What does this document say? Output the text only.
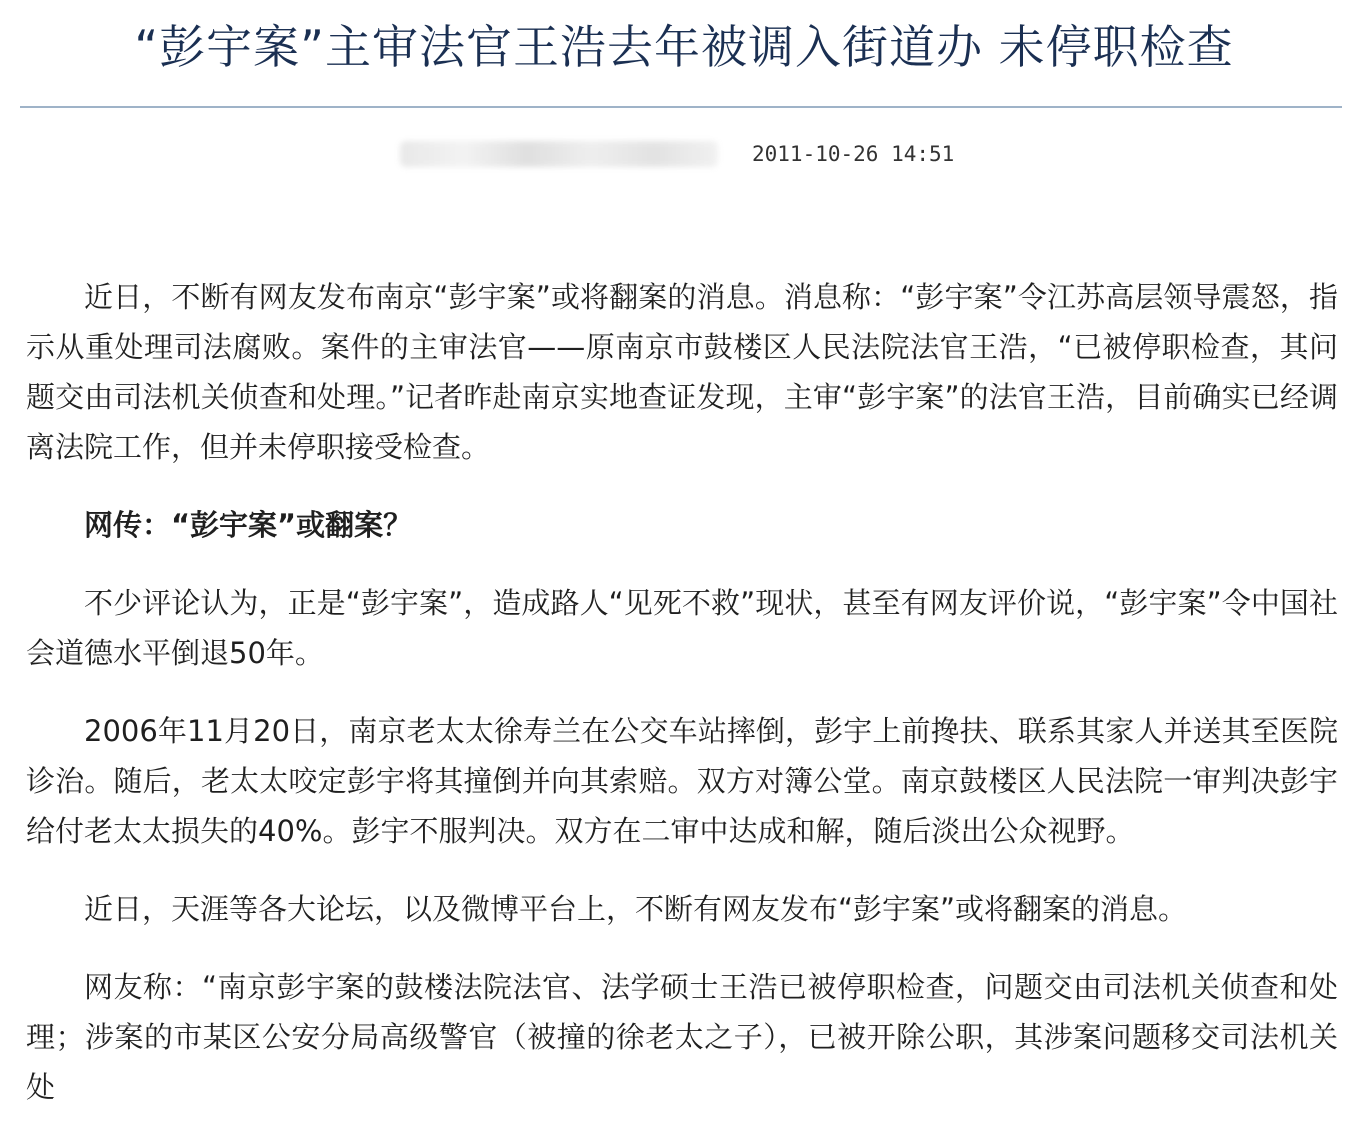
“彭宇案”主审法官王浩去年被调入街道办 未停职检查
2011-10-26 14:51

近日，不断有网友发布南京“彭宇案”或将翻案的消息。消息称：“彭宇案”令江苏高层领导震怒，指示从重处理司法腐败。案件的主审法官——原南京市鼓楼区人民法院法官王浩，“已被停职检查，其问题交由司法机关侦查和处理。”记者昨赴南京实地查证发现，主审“彭宇案”的法官王浩，目前确实已经调离法院工作，但并未停职接受检查。

网传：“彭宇案”或翻案？

不少评论认为，正是“彭宇案”，造成路人“见死不救”现状，甚至有网友评价说，“彭宇案”令中国社会道德水平倒退50年。

2006年11月20日，南京老太太徐寿兰在公交车站摔倒，彭宇上前搀扶、联系其家人并送其至医院诊治。随后，老太太咬定彭宇将其撞倒并向其索赔。双方对簿公堂。南京鼓楼区人民法院一审判决彭宇给付老太太损失的40%。彭宇不服判决。双方在二审中达成和解，随后淡出公众视野。

近日，天涯等各大论坛，以及微博平台上，不断有网友发布“彭宇案”或将翻案的消息。

网友称：“南京彭宇案的鼓楼法院法官、法学硕士王浩已被停职检查，问题交由司法机关侦查和处理；涉案的市某区公安分局高级警官（被撞的徐老太之子），已被开除公职，其涉案问题移交司法机关处
